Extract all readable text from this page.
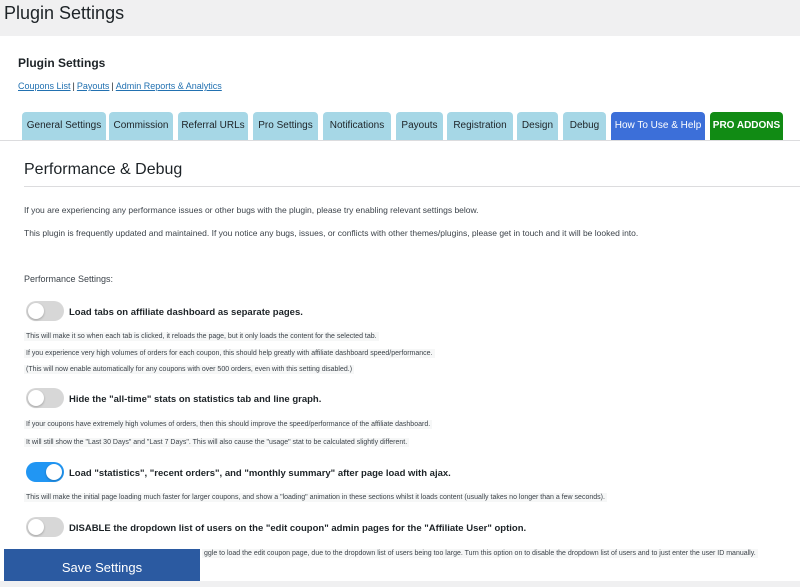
Plugin Settings
Plugin Settings
Coupons List | Payouts | Admin Reports & Analytics
General Settings	Commission	Referral URLs	Pro Settings	Notifications	Payouts	Registration	Design	Debug	How To Use & Help	PRO ADDONS
Performance & Debug
If you are experiencing any performance issues or other bugs with the plugin, please try enabling relevant settings below.
This plugin is frequently updated and maintained. If you notice any bugs, issues, or conflicts with other themes/plugins, please get in touch and it will be looked into.
Performance Settings:
Load tabs on affiliate dashboard as separate pages.
This will make it so when each tab is clicked, it reloads the page, but it only loads the content for the selected tab.
If you experience very high volumes of orders for each coupon, this should help greatly with affiliate dashboard speed/performance.
(This will now enable automatically for any coupons with over 500 orders, even with this setting disabled.)
Hide the "all-time" stats on statistics tab and line graph.
If your coupons have extremely high volumes of orders, then this should improve the speed/performance of the affiliate dashboard.
It will still show the "Last 30 Days" and "Last 7 Days". This will also cause the "usage" stat to be calculated slightly different.
Load "statistics", "recent orders", and "monthly summary" after page load with ajax.
This will make the initial page loading much faster for larger coupons, and show a "loading" animation in these sections whilst it loads content (usually takes no longer than a few seconds).
DISABLE the dropdown list of users on the "edit coupon" admin pages for the "Affiliate User" option.
ggle to load the edit coupon page, due to the dropdown list of users being too large. Turn this option on to disable the dropdown list of users and to just enter the user ID manually.
Save Settings
